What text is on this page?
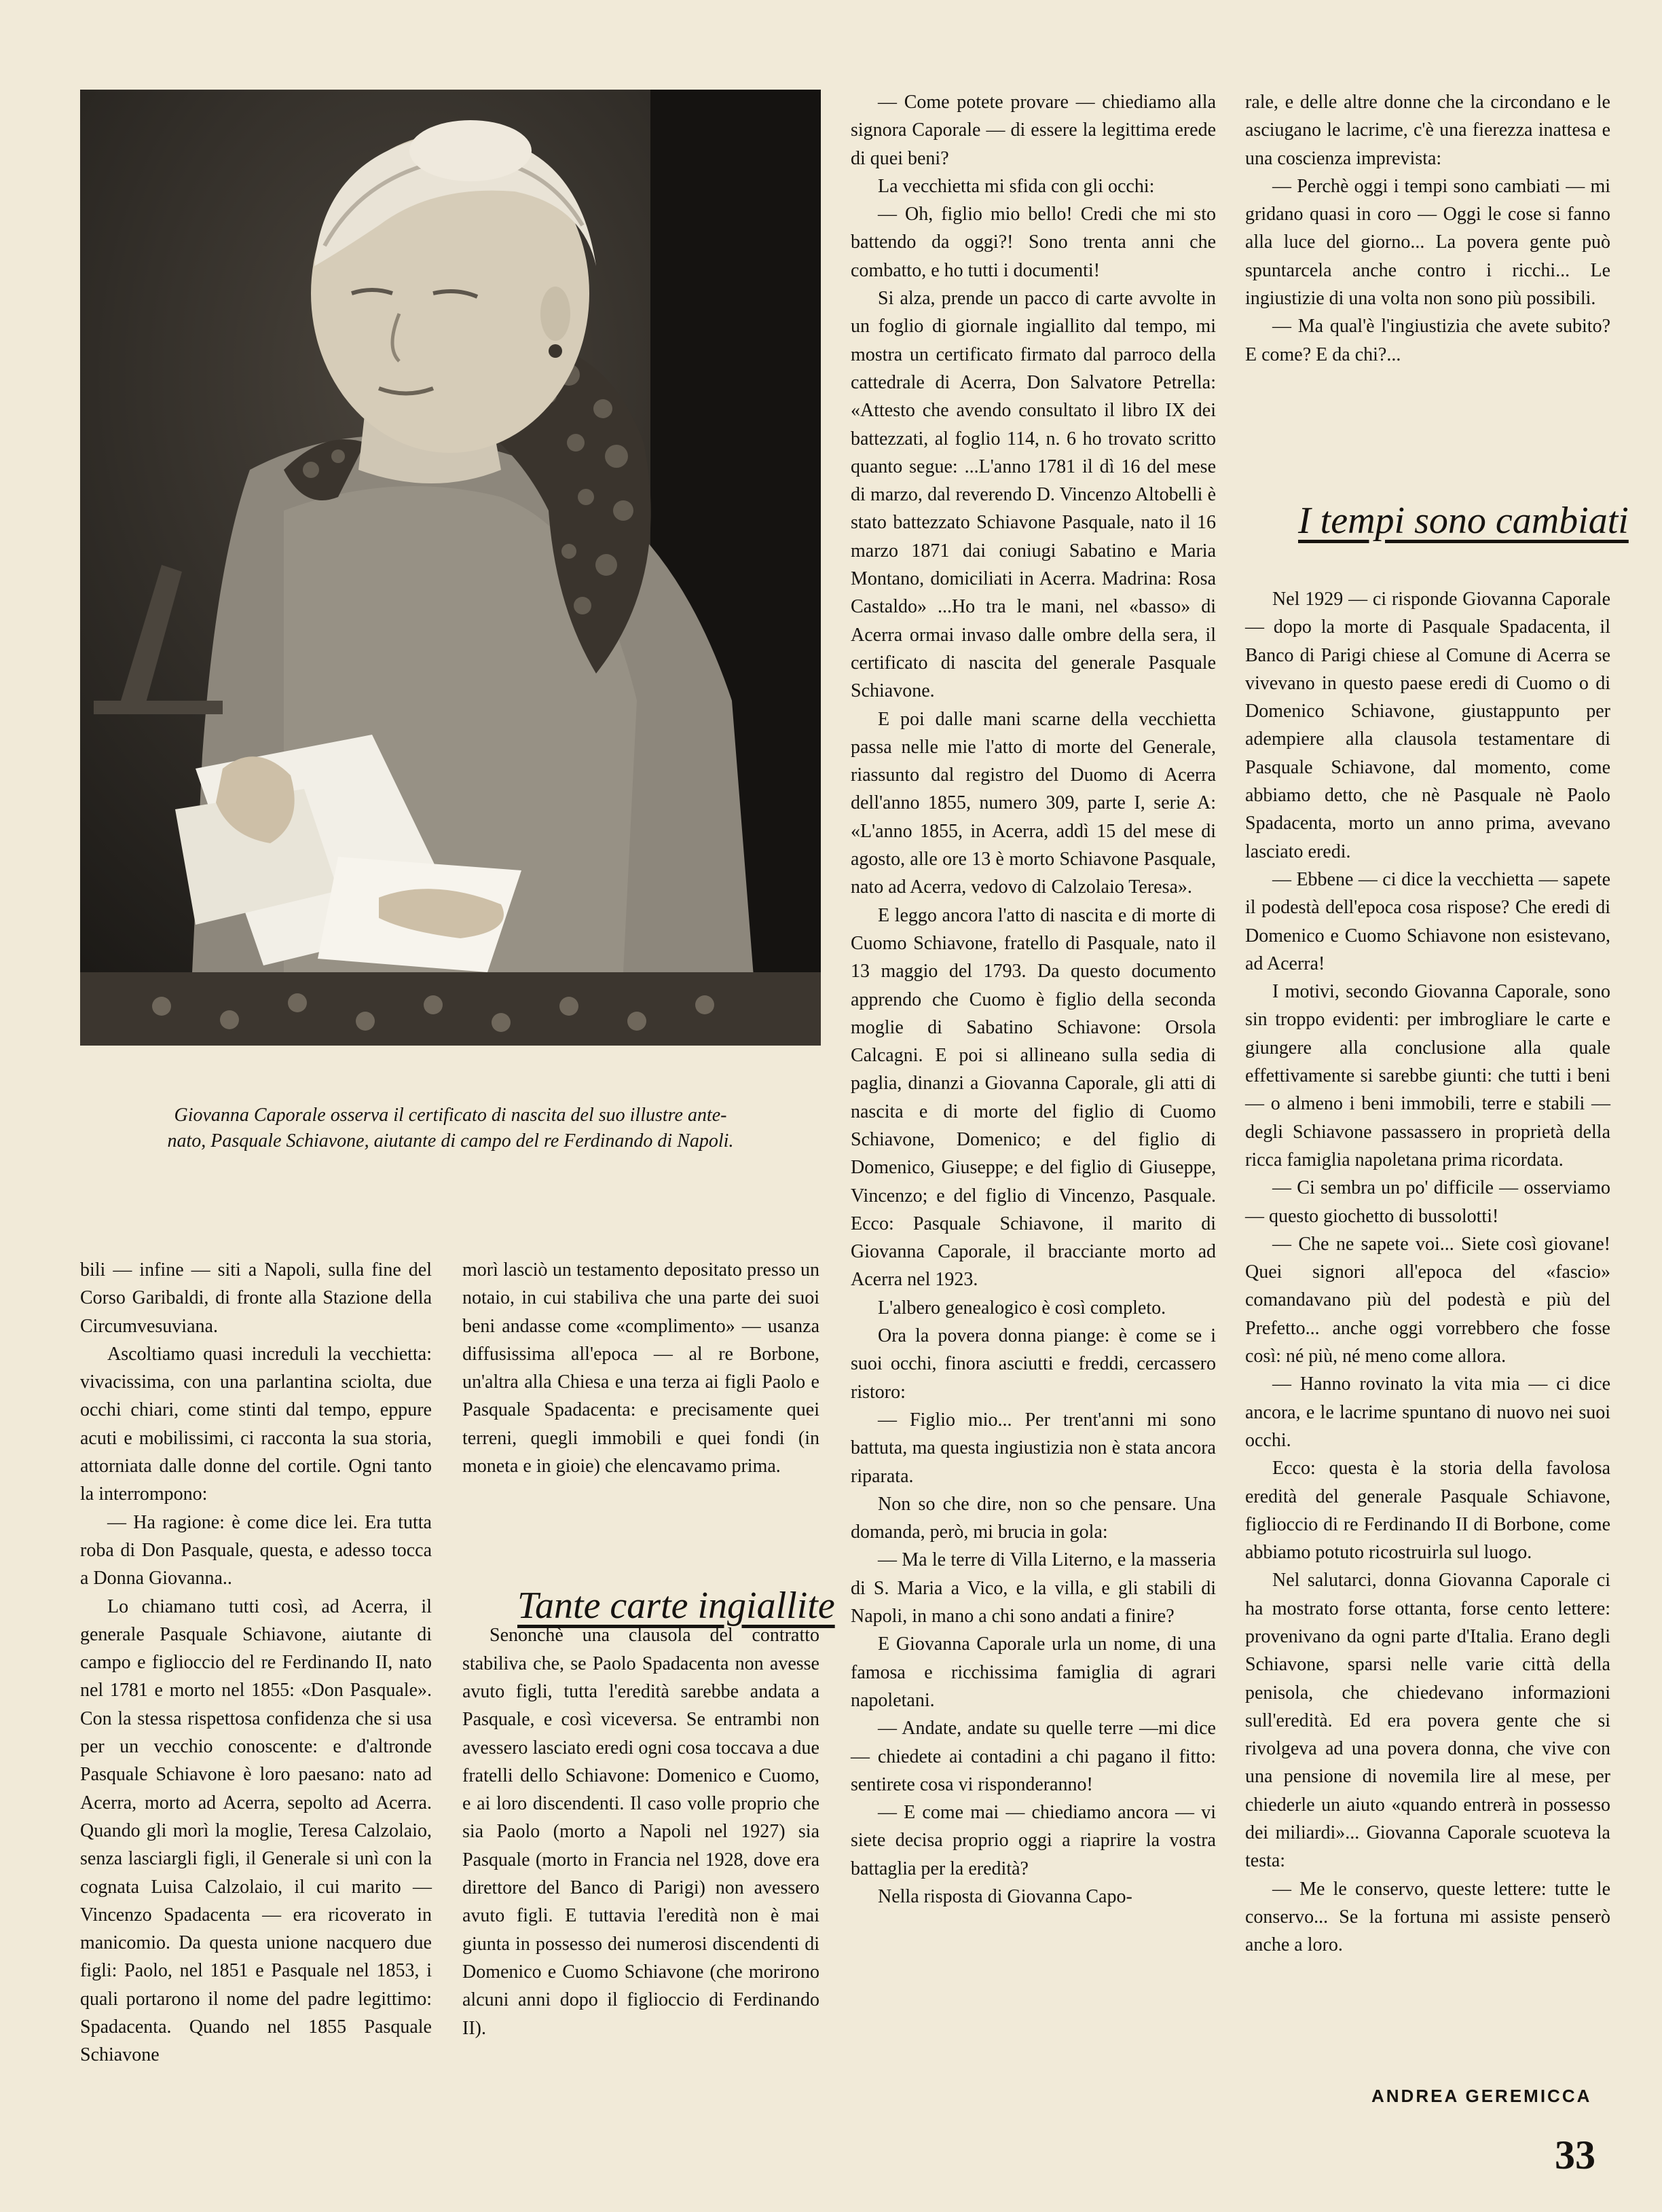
Giovanna Caporale osserva il certificato di nascita del suo illustre ante-
nato, Pasquale Schiavone, aiutante di campo del re Ferdinando di Napoli.

— Come potete provare — chiediamo alla signora Caporale — di essere la legittima erede di quei beni?

La vecchietta mi sfida con gli occhi:

— Oh, figlio mio bello! Credi che mi sto battendo da oggi?! Sono trenta anni che combatto, e ho tutti i documenti!

Si alza, prende un pacco di carte avvolte in un foglio di giornale ingiallito dal tempo, mi mostra un certificato firmato dal parroco della cattedrale di Acerra, Don Salvatore Petrella: «Attesto che avendo consultato il libro IX dei battezzati, al foglio 114, n. 6 ho trovato scritto quanto segue: ...L'anno 1781 il dì 16 del mese di marzo, dal reverendo D. Vincenzo Altobelli è stato battezzato Schiavone Pasquale, nato il 16 marzo 1871 dai coniugi Sabatino e Maria Montano, domiciliati in Acerra. Madrina: Rosa Castaldo» ...Ho tra le mani, nel «basso» di Acerra ormai invaso dalle ombre della sera, il certificato di nascita del generale Pasquale Schiavone.

E poi dalle mani scarne della vecchietta passa nelle mie l'atto di morte del Generale, riassunto dal registro del Duomo di Acerra dell'anno 1855, numero 309, parte I, serie A: «L'anno 1855, in Acerra, addì 15 del mese di agosto, alle ore 13 è morto Schiavone Pasquale, nato ad Acerra, vedovo di Calzolaio Teresa».

E leggo ancora l'atto di nascita e di morte di Cuomo Schiavone, fratello di Pasquale, nato il 13 maggio del 1793. Da questo documento apprendo che Cuomo è figlio della seconda moglie di Sabatino Schiavone: Orsola Calcagni. E poi si allineano sulla sedia di paglia, dinanzi a Giovanna Caporale, gli atti di nascita e di morte del figlio di Cuomo Schiavone, Domenico; e del figlio di Domenico, Giuseppe; e del figlio di Giuseppe, Vincenzo; e del figlio di Vincenzo, Pasquale. Ecco: Pasquale Schiavone, il marito di Giovanna Caporale, il bracciante morto ad Acerra nel 1923.

L'albero genealogico è così completo.

Ora la povera donna piange: è come se i suoi occhi, finora asciutti e freddi, cercassero ristoro:

— Figlio mio... Per trent'anni mi sono battuta, ma questa ingiustizia non è stata ancora riparata.

Non so che dire, non so che pensare. Una domanda, però, mi brucia in gola:

— Ma le terre di Villa Literno, e la masseria di S. Maria a Vico, e la villa, e gli stabili di Napoli, in mano a chi sono andati a finire?

E Giovanna Caporale urla un nome, di una famosa e ricchissima famiglia di agrari napoletani.

— Andate, andate su quelle terre —mi dice — chiedete ai contadini a chi pagano il fitto: sentirete cosa vi risponderanno!

— E come mai — chiediamo ancora — vi siete decisa proprio oggi a riaprire la vostra battaglia per la eredità?

Nella risposta di Giovanna Capo-

rale, e delle altre donne che la circondano e le asciugano le lacrime, c'è una fierezza inattesa e una coscienza imprevista:

— Perchè oggi i tempi sono cambiati — mi gridano quasi in coro — Oggi le cose si fanno alla luce del giorno... La povera gente può spuntarcela anche contro i ricchi... Le ingiustizie di una volta non sono più possibili.

— Ma qual'è l'ingiustizia che avete subito? E come? E da chi?...

I tempi sono cambiati

Nel 1929 — ci risponde Giovanna Caporale — dopo la morte di Pasquale Spadacenta, il Banco di Parigi chiese al Comune di Acerra se vivevano in questo paese eredi di Cuomo o di Domenico Schiavone, giustappunto per adempiere alla clausola testamentare di Pasquale Schiavone, dal momento, come abbiamo detto, che nè Pasquale nè Paolo Spadacenta, morto un anno prima, avevano lasciato eredi.

— Ebbene — ci dice la vecchietta — sapete il podestà dell'epoca cosa rispose? Che eredi di Domenico e Cuomo Schiavone non esistevano, ad Acerra!

I motivi, secondo Giovanna Caporale, sono sin troppo evidenti: per imbrogliare le carte e giungere alla conclusione alla quale effettivamente si sarebbe giunti: che tutti i beni — o almeno i beni immobili, terre e stabili — degli Schiavone passassero in proprietà della ricca famiglia napoletana prima ricordata.

— Ci sembra un po' difficile — osserviamo — questo giochetto di bussolotti!

— Che ne sapete voi... Siete così giovane! Quei signori all'epoca del «fascio» comandavano più del podestà e più del Prefetto... anche oggi vorrebbero che fosse così: né più, né meno come allora.

— Hanno rovinato la vita mia — ci dice ancora, e le lacrime spuntano di nuovo nei suoi occhi.

Ecco: questa è la storia della favolosa eredità del generale Pasquale Schiavone, figlioccio di re Ferdinando II di Borbone, come abbiamo potuto ricostruirla sul luogo.

Nel salutarci, donna Giovanna Caporale ci ha mostrato forse ottanta, forse cento lettere: provenivano da ogni parte d'Italia. Erano degli Schiavone, sparsi nelle varie città della penisola, che chiedevano informazioni sull'eredità. Ed era povera gente che si rivolgeva ad una povera donna, che vive con una pensione di novemila lire al mese, per chiederle un aiuto «quando entrerà in possesso dei miliardi»... Giovanna Caporale scuoteva la testa:

— Me le conservo, queste lettere: tutte le conservo... Se la fortuna mi assiste penserò anche a loro.

bili — infine — siti a Napoli, sulla fine del Corso Garibaldi, di fronte alla Stazione della Circumvesuviana.

Ascoltiamo quasi increduli la vecchietta: vivacissima, con una parlantina sciolta, due occhi chiari, come stinti dal tempo, eppure acuti e mobilissimi, ci racconta la sua storia, attorniata dalle donne del cortile. Ogni tanto la interrompono:

— Ha ragione: è come dice lei. Era tutta roba di Don Pasquale, questa, e adesso tocca a Donna Giovanna..

Lo chiamano tutti così, ad Acerra, il generale Pasquale Schiavone, aiutante di campo e figlioccio del re Ferdinando II, nato nel 1781 e morto nel 1855: «Don Pasquale». Con la stessa rispettosa confidenza che si usa per un vecchio conoscente: e d'altronde Pasquale Schiavone è loro paesano: nato ad Acerra, morto ad Acerra, sepolto ad Acerra. Quando gli morì la moglie, Teresa Calzolaio, senza lasciargli figli, il Generale si unì con la cognata Luisa Calzolaio, il cui marito — Vincenzo Spadacenta — era ricoverato in manicomio. Da questa unione nacquero due figli: Paolo, nel 1851 e Pasquale nel 1853, i quali portarono il nome del padre legittimo: Spadacenta. Quando nel 1855 Pasquale Schiavone

morì lasciò un testamento depositato presso un notaio, in cui stabiliva che una parte dei suoi beni andasse come «complimento» — usanza diffusissima all'epoca — al re Borbone, un'altra alla Chiesa e una terza ai figli Paolo e Pasquale Spadacenta: e precisamente quei terreni, quegli immobili e quei fondi (in moneta e in gioie) che elencavamo prima.

Senonchè una clausola del contratto stabiliva che, se Paolo Spadacenta non avesse avuto figli, tutta l'eredità sarebbe andata a Pasquale, e così viceversa. Se entrambi non avessero lasciato eredi ogni cosa toccava a due fratelli dello Schiavone: Domenico e Cuomo, e ai loro discendenti. Il caso volle proprio che sia Paolo (morto a Napoli nel 1927) sia Pasquale (morto in Francia nel 1928, dove era direttore del Banco di Parigi) non avessero avuto figli. E tuttavia l'eredità non è mai giunta in possesso dei numerosi discendenti di Domenico e Cuomo Schiavone (che morirono alcuni anni dopo il figlioccio di Ferdinando II).

Tante carte ingiallite
ANDREA GEREMICCA
33
